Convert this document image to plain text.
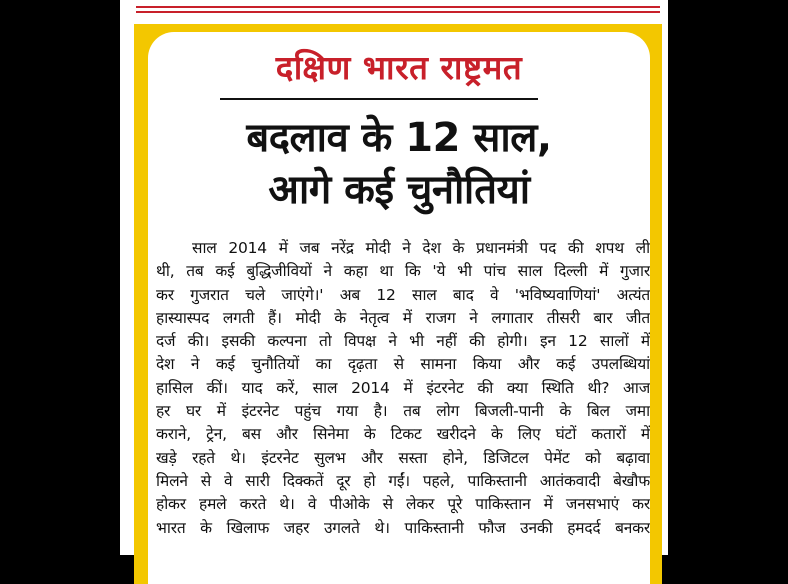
दक्षिण भारत राष्ट्रमत
बदलाव के 12 साल,
आगे कई चुनौतियां
साल 2014 में जब नरेंद्र मोदी ने देश के प्रधानमंत्री पद की शपथ ली
थी, तब कई बुद्धिजीवियों ने कहा था कि 'ये भी पांच साल दिल्ली में गुजार
कर गुजरात चले जाएंगे।' अब 12 साल बाद वे 'भविष्यवाणियां' अत्यंत
हास्यास्पद लगती हैं। मोदी के नेतृत्व में राजग ने लगातार तीसरी बार जीत
दर्ज की। इसकी कल्पना तो विपक्ष ने भी नहीं की होगी। इन 12 सालों में
देश ने कई चुनौतियों का दृढ़ता से सामना किया और कई उपलब्धियां
हासिल कीं। याद करें, साल 2014 में इंटरनेट की क्या स्थिति थी? आज
हर घर में इंटरनेट पहुंच गया है। तब लोग बिजली-पानी के बिल जमा
कराने, ट्रेन, बस और सिनेमा के टिकट खरीदने के लिए घंटों कतारों में
खड़े रहते थे। इंटरनेट सुलभ और सस्ता होने, डिजिटल पेमेंट को बढ़ावा
मिलने से वे सारी दिक्कतें दूर हो गईं। पहले, पाकिस्तानी आतंकवादी बेखौफ
होकर हमले करते थे। वे पीओके से लेकर पूरे पाकिस्तान में जनसभाएं कर
भारत के खिलाफ जहर उगलते थे। पाकिस्तानी फौज उनकी हमदर्द बनकर
